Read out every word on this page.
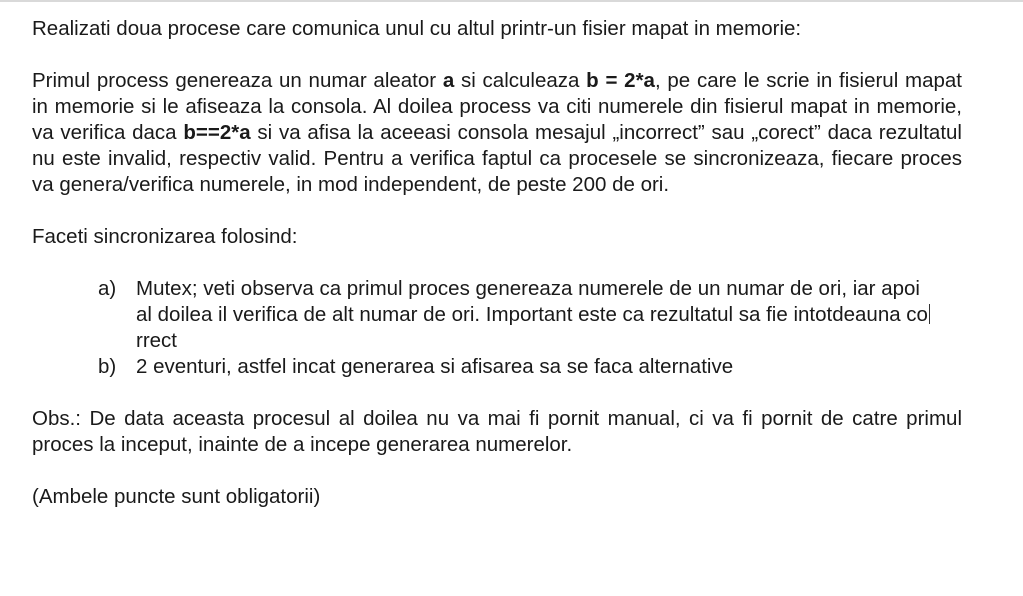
Realizati doua procese care comunica unul cu altul printr-un fisier mapat in memorie:

Primul process genereaza un numar aleator a si calculeaza b = 2*a, pe care le scrie in fisierul mapat in memorie si le afiseaza la consola. Al doilea process va citi numerele din fisierul mapat in memorie, va verifica daca b==2*a si va afisa la aceeasi consola mesajul „incorrect” sau „corect” daca rezultatul nu este invalid, respectiv valid. Pentru a verifica faptul ca procesele se sincronizeaza, fiecare proces va genera/verifica numerele, in mod independent, de peste 200 de ori.

Faceti sincronizarea folosind:

a) Mutex; veti observa ca primul proces genereaza numerele de un numar de ori, iar apoi al doilea il verifica de alt numar de ori. Important este ca rezultatul sa fie intotdeauna correct
b) 2 eventuri, astfel incat generarea si afisarea sa se faca alternative

Obs.: De data aceasta procesul al doilea nu va mai fi pornit manual, ci va fi pornit de catre primul proces la inceput, inainte de a incepe generarea numerelor.

(Ambele puncte sunt obligatorii)
